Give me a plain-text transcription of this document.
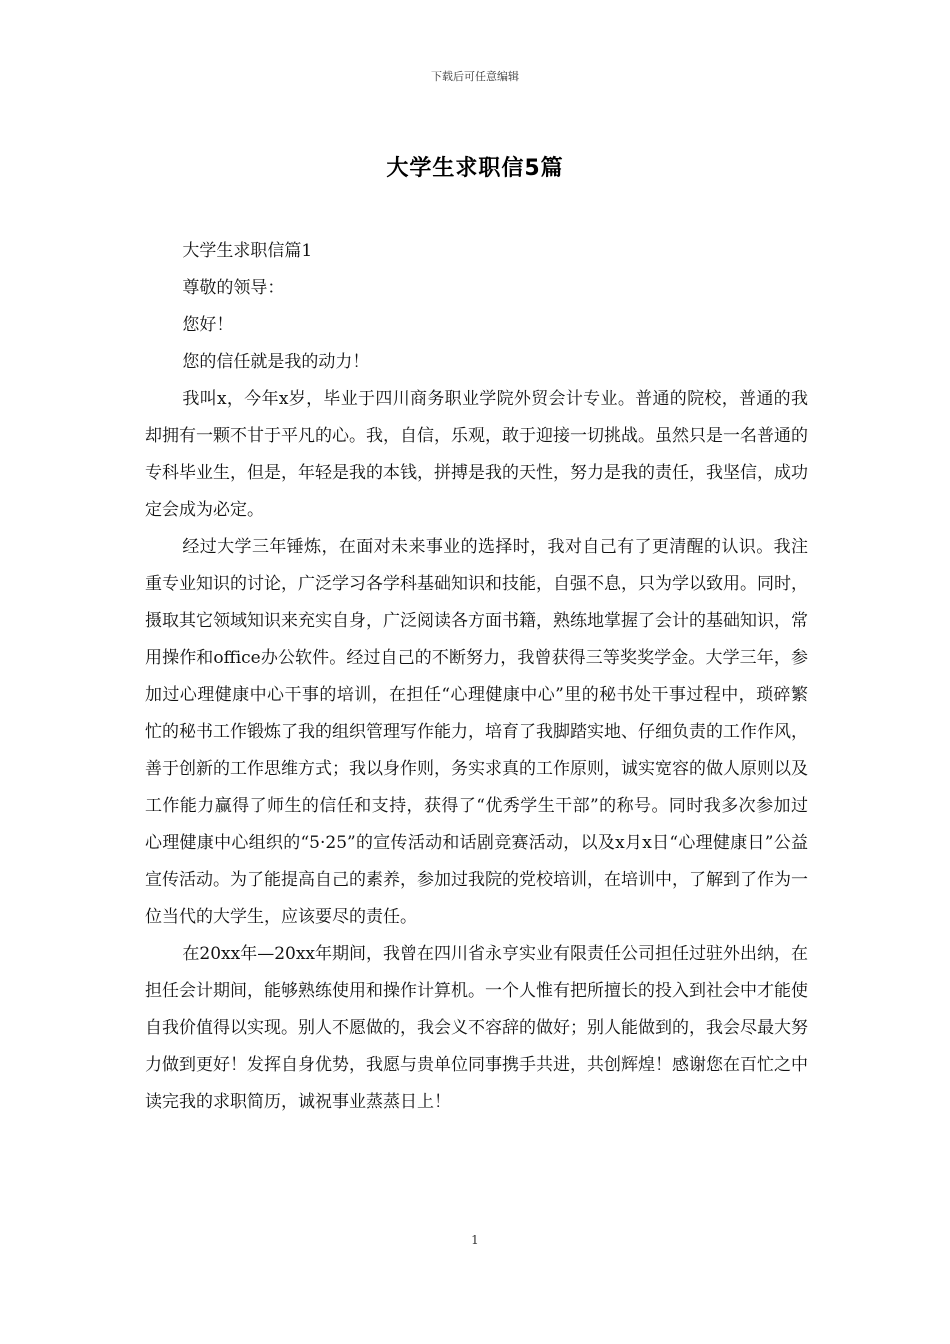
下载后可任意编辑
大学生求职信5篇

大学生求职信篇1

尊敬的领导：

您好！

您的信任就是我的动力！

我叫x，今年x岁，毕业于四川商务职业学院外贸会计专业。普通的院校，普通的我却拥有一颗不甘于平凡的心。我，自信，乐观，敢于迎接一切挑战。虽然只是一名普通的专科毕业生，但是，年轻是我的本钱，拼搏是我的天性，努力是我的责任，我坚信，成功定会成为必定。

经过大学三年锤炼，在面对未来事业的选择时，我对自己有了更清醒的认识。我注重专业知识的讨论，广泛学习各学科基础知识和技能，自强不息，只为学以致用。同时，摄取其它领域知识来充实自身，广泛阅读各方面书籍，熟练地掌握了会计的基础知识，常用操作和office办公软件。经过自己的不断努力，我曾获得三等奖奖学金。大学三年，参加过心理健康中心干事的培训，在担任“心理健康中心”里的秘书处干事过程中，琐碎繁忙的秘书工作锻炼了我的组织管理写作能力，培育了我脚踏实地、仔细负责的工作作风，善于创新的工作思维方式；我以身作则，务实求真的工作原则，诚实宽容的做人原则以及工作能力赢得了师生的信任和支持，获得了“优秀学生干部”的称号。同时我多次参加过心理健康中心组织的“5·25”的宣传活动和话剧竞赛活动，以及x月x日“心理健康日”公益宣传活动。为了能提高自己的素养，参加过我院的党校培训，在培训中，了解到了作为一位当代的大学生，应该要尽的责任。

在20xx年—20xx年期间，我曾在四川省永亨实业有限责任公司担任过驻外出纳，在担任会计期间，能够熟练使用和操作计算机。一个人惟有把所擅长的投入到社会中才能使自我价值得以实现。别人不愿做的，我会义不容辞的做好；别人能做到的，我会尽最大努力做到更好！发挥自身优势，我愿与贵单位同事携手共进，共创辉煌！感谢您在百忙之中读完我的求职简历，诚祝事业蒸蒸日上！

1
